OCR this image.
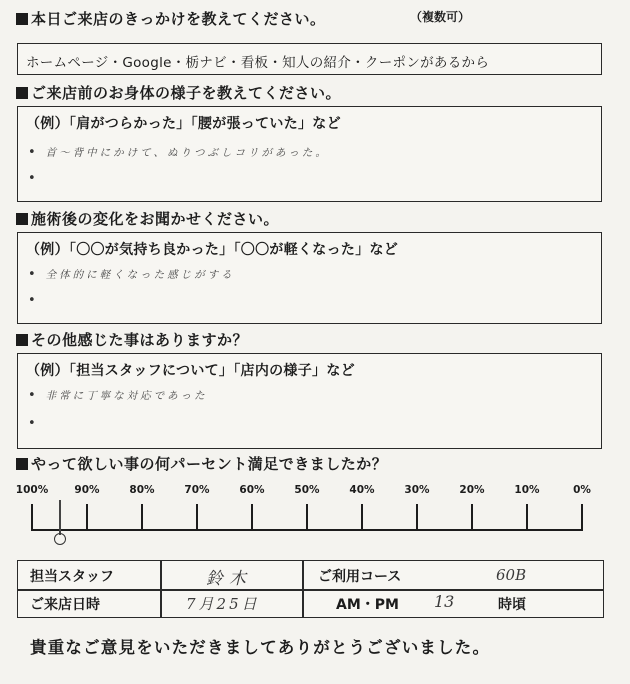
本日ご来店のきっかけを教えてください。	（複数可）
ホームページ・Google・栃ナビ・看板・知人の紹介・クーポンがあるから
ご来店前のお身体の様子を教えてください。
（例）「肩がつらかった」「腰が張っていた」など
• 首～背中にかけて、ぬりつぶしコリがあった。
•
施術後の変化をお聞かせください。
（例）「〇〇が気持ち良かった」「〇〇が軽くなった」など
• 全体的に軽くなった感じがする
•
その他感じた事はありますか？
（例）「担当スタッフについて」「店内の様子」など
• 非常に丁寧な対応であった
•
やって欲しい事の何パーセント満足できましたか？
100% 90%	80%	70%	60%	50%	40%	30%	20%	10%	0%
担当スタッフ	鈴木	ご利用コース	60B
ご来店日時	7月25日	AM・PM 13	時頃
貴重なご意見をいただきましてありがとうございました。
